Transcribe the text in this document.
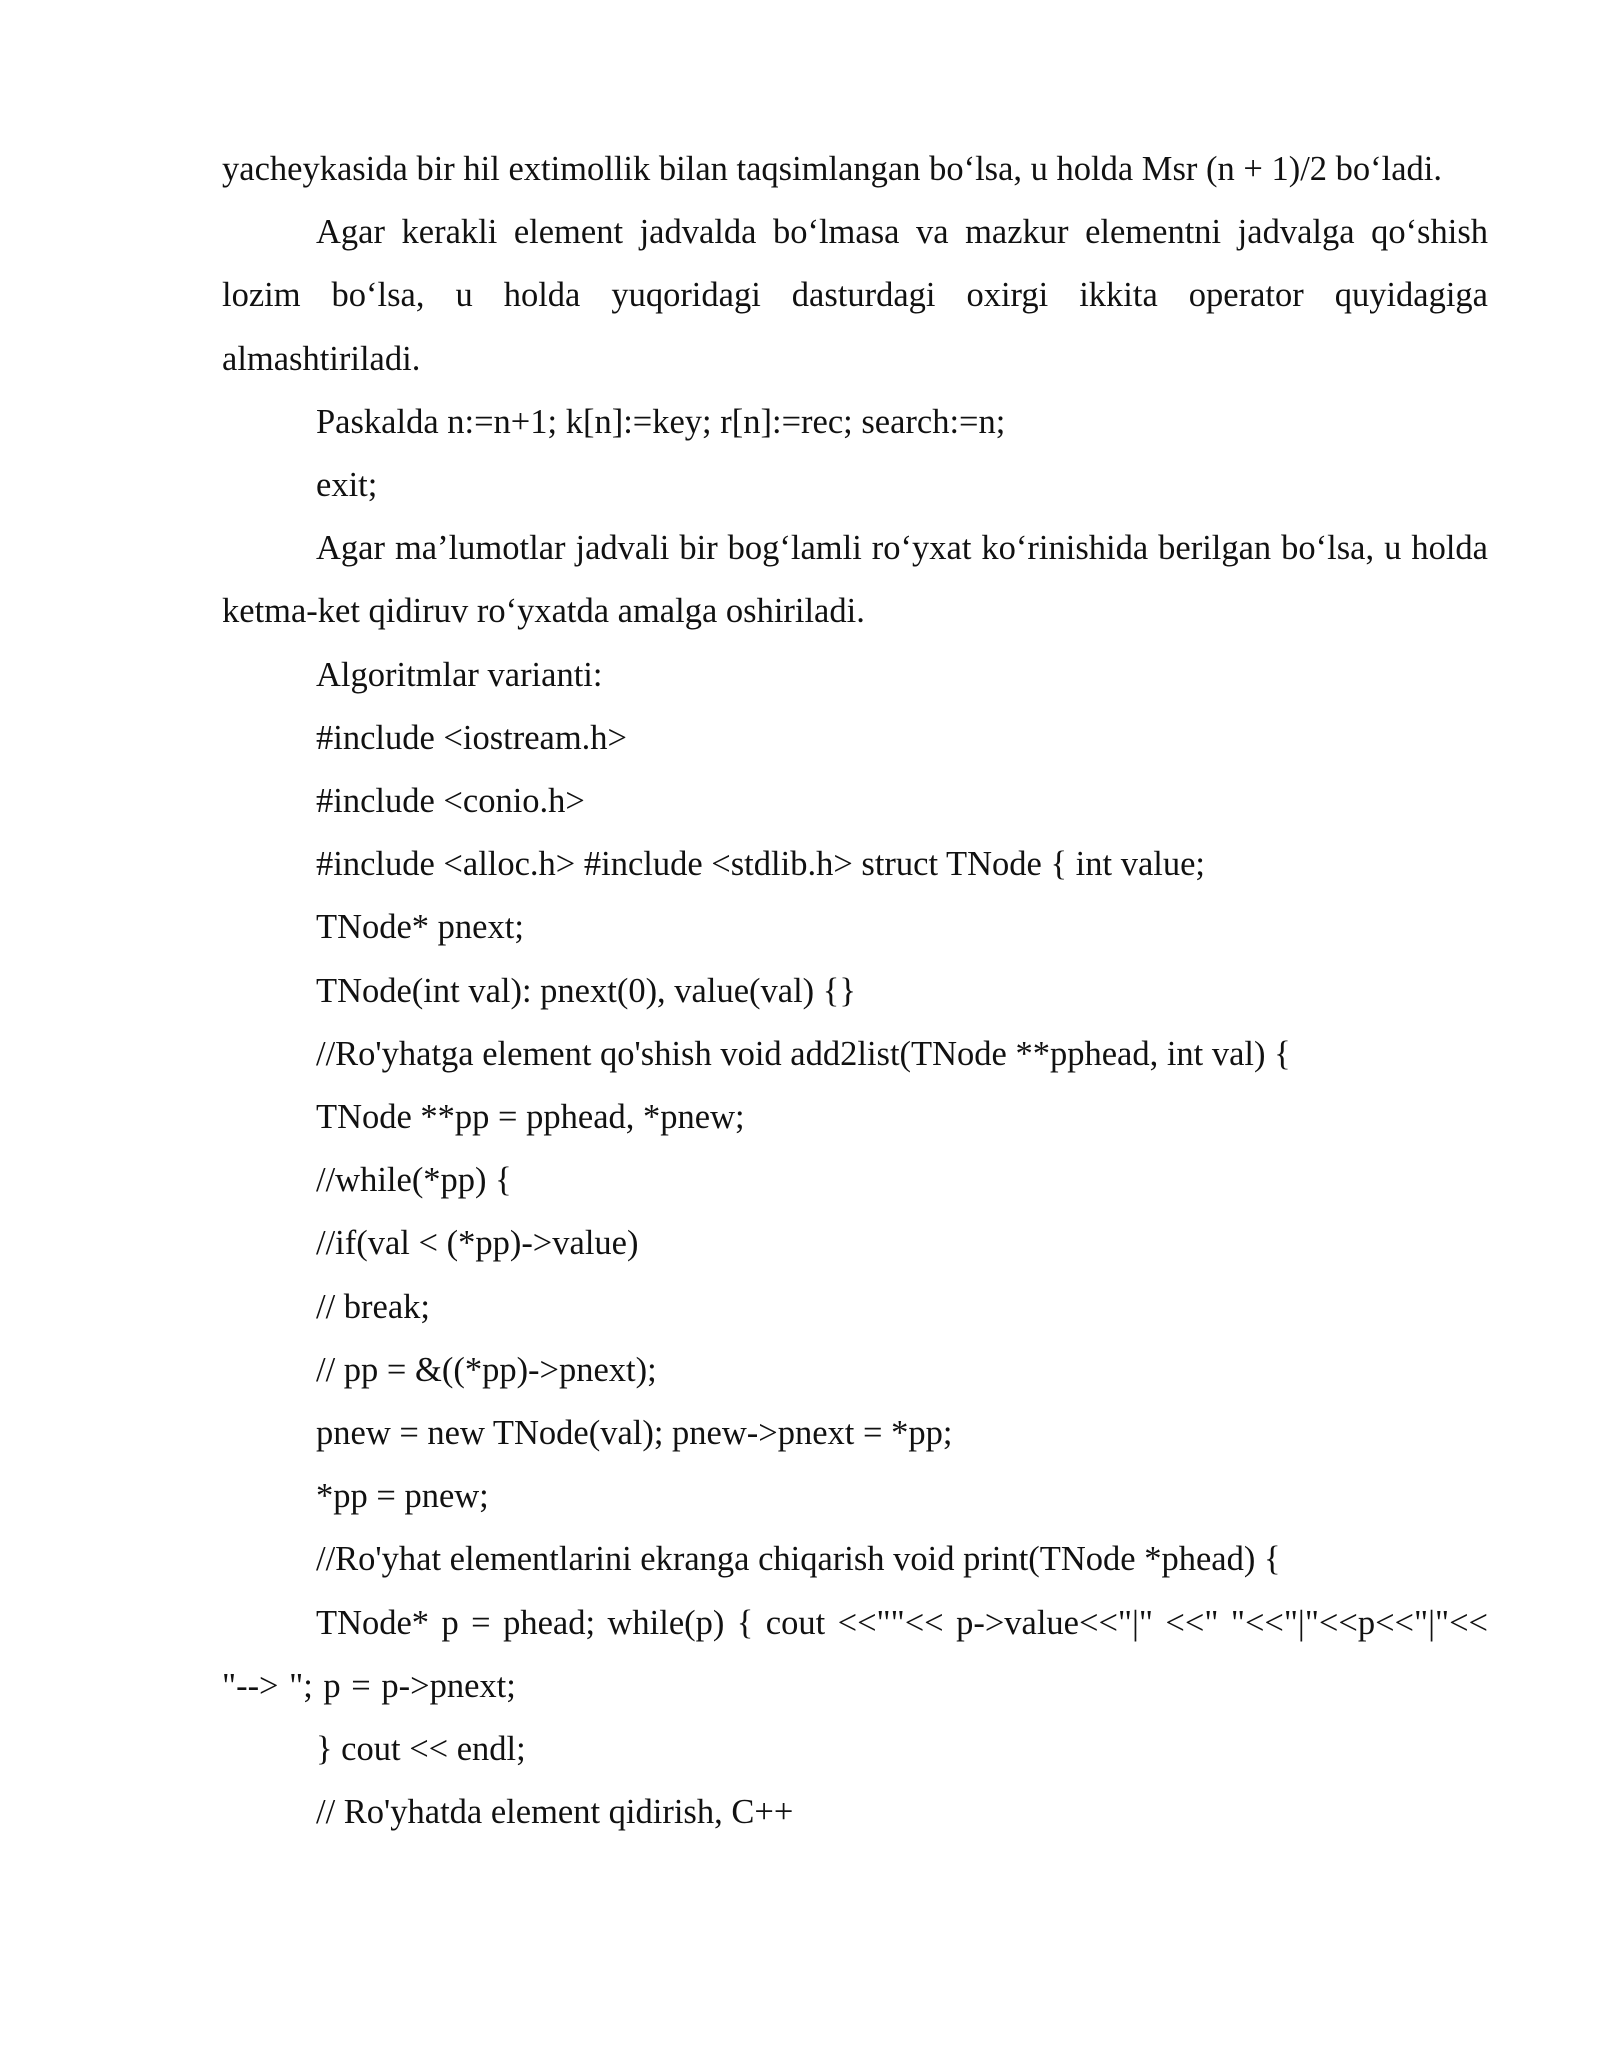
yacheykasida bir hil extimollik bilan taqsimlangan bo‘lsa, u holda Msr (n + 1)/2 bo‘ladi.

Agar kerakli element jadvalda bo‘lmasa va mazkur elementni jadvalga qo‘shish lozim bo‘lsa, u holda yuqoridagi dasturdagi oxirgi ikkita operator quyidagiga almashtiriladi.

Paskalda n:=n+1; k[n]:=key; r[n]:=rec; search:=n;

exit;

Agar ma’lumotlar jadvali bir bog‘lamli ro‘yxat ko‘rinishida berilgan bo‘lsa, u holda ketma-ket qidiruv ro‘yxatda amalga oshiriladi.

Algoritmlar varianti:

#include <iostream.h>
#include <conio.h>
#include <alloc.h> #include <stdlib.h> struct TNode { int value;
TNode* pnext;
TNode(int val): pnext(0), value(val) {}
//Ro'yhatga element qo'shish void add2list(TNode **pphead, int val) {
TNode **pp = pphead, *pnew;
//while(*pp) {
//if(val < (*pp)->value)
// break;
// pp = &((*pp)->pnext);
pnew = new TNode(val); pnew->pnext = *pp;
*pp = pnew;
//Ro'yhat elementlarini ekranga chiqarish void print(TNode *phead) {

TNode* p = phead; while(p) { cout <<""<< p->value<<"|" <<" "<<"|"<<p<<"|"<< "--> "; p = p->pnext;

} cout << endl;
// Ro'yhatda element qidirish, C++
